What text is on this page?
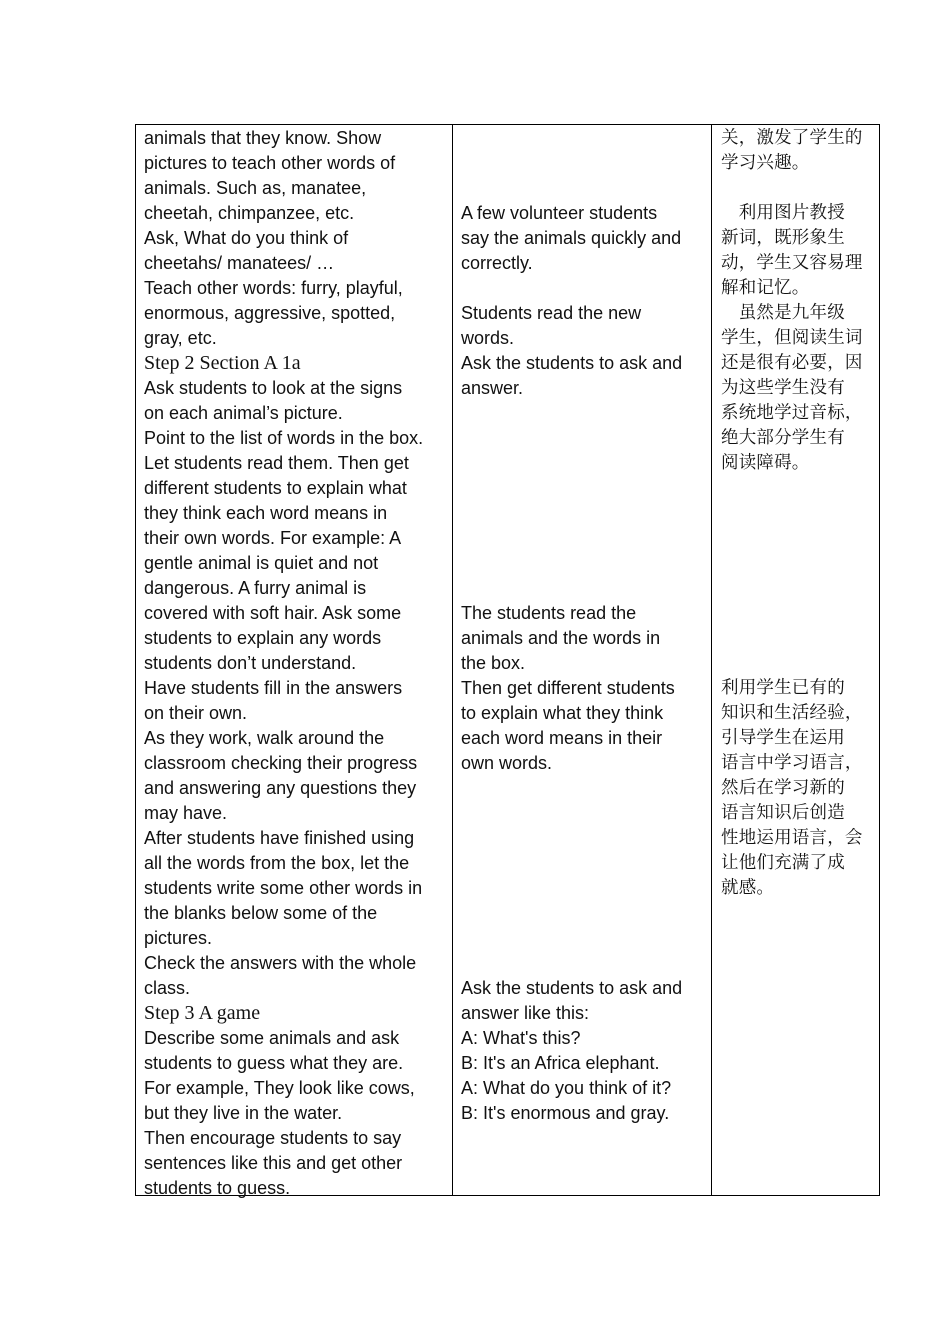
animals that they know. Show
pictures to teach other words of
animals. Such as, manatee,
cheetah, chimpanzee, etc.
Ask, What do you think of
cheetahs/ manatees/ …
Teach other words: furry, playful,
enormous, aggressive, spotted,
gray, etc.
Step 2 Section A 1a
Ask students to look at the signs
on each animal’s picture.
Point to the list of words in the box.
Let students read them. Then get
different students to explain what
they think each word means in
their own words. For example: A
gentle animal is quiet and not
dangerous. A furry animal is
covered with soft hair. Ask some
students to explain any words
students don’t understand.
Have students fill in the answers
on their own.
As they work, walk around the
classroom checking their progress
and answering any questions they
may have.
After students have finished using
all the words from the box, let the
students write some other words in
the blanks below some of the
pictures.
Check the answers with the whole
class.
Step 3 A game
Describe some animals and ask
students to guess what they are.
For example, They look like cows,
but they live in the water.
Then encourage students to say
sentences like this and get other
students to guess.
A few volunteer students
say the animals quickly and
correctly.
Students read the new
words.
Ask the students to ask and
answer.
The students read the
animals and the words in
the box.
Then get different students
to explain what they think
each word means in their
own words.
Ask the students to ask and
answer like this:
A: What's this?
B: It's an Africa elephant.
A: What do you think of it?
B: It's enormous and gray.
关，激发了学生的
学习兴趣。
　利用图片教授
新词，既形象生
动，学生又容易理
解和记忆。
　虽然是九年级
学生，但阅读生词
还是很有必要，因
为这些学生没有
系统地学过音标，
绝大部分学生有
阅读障碍。
利用学生已有的
知识和生活经验，
引导学生在运用
语言中学习语言，
然后在学习新的
语言知识后创造
性地运用语言，会
让他们充满了成
就感。
